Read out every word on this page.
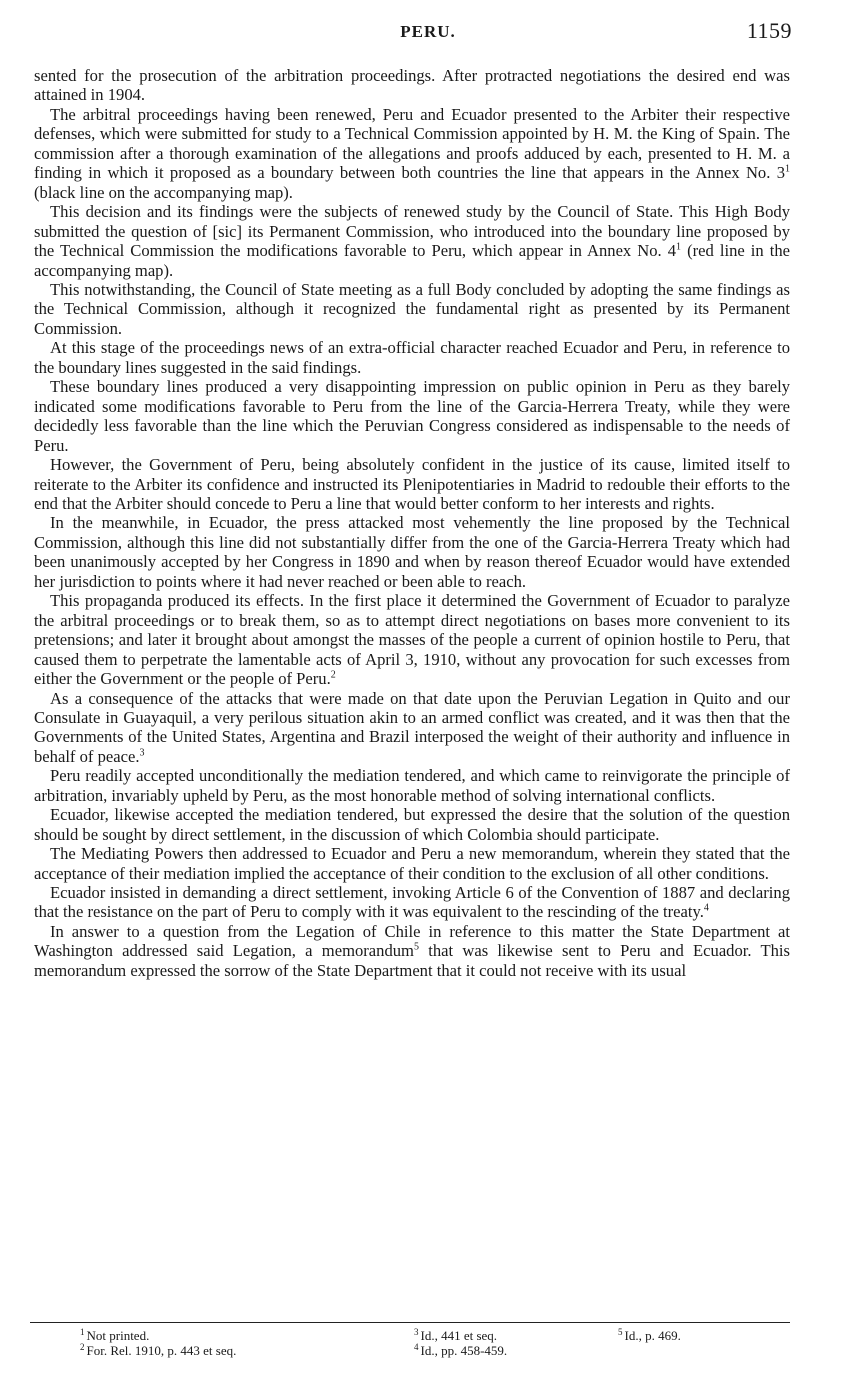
PERU.	1159

sented for the prosecution of the arbitration proceedings. After protracted negotiations the desired end was attained in 1904.

The arbitral proceedings having been renewed, Peru and Ecuador presented to the Arbiter their respective defenses, which were submitted for study to a Technical Commission appointed by H. M. the King of Spain. The commission after a thorough examination of the allegations and proofs adduced by each, presented to H. M. a finding in which it proposed as a boundary between both countries the line that appears in the Annex No. $3^1$ (black line on the accompanying map).

This decision and its findings were the subjects of renewed study by the Council of State. This High Body submitted the question of [sic] its Permanent Commission, who introduced into the boundary line proposed by the Technical Commission the modifications favorable to Peru, which appear in Annex No. $4^1$ (red line in the accompanying map).

This notwithstanding, the Council of State meeting as a full Body concluded by adopting the same findings as the Technical Commission, although it recognized the fundamental right as presented by its Permanent Commission.

At this stage of the proceedings news of an extra-official character reached Ecuador and Peru, in reference to the boundary lines suggested in the said findings.

These boundary lines produced a very disappointing impression on public opinion in Peru as they barely indicated some modifications favorable to Peru from the line of the Garcia-Herrera Treaty, while they were decidedly less favorable than the line which the Peruvian Congress considered as indispensable to the needs of Peru.

However, the Government of Peru, being absolutely confident in the justice of its cause, limited itself to reiterate to the Arbiter its confidence and instructed its Plenipotentiaries in Madrid to redouble their efforts to the end that the Arbiter should concede to Peru a line that would better conform to her interests and rights.

In the meanwhile, in Ecuador, the press attacked most vehemently the line proposed by the Technical Commission, although this line did not substantially differ from the one of the Garcia-Herrera Treaty which had been unanimously accepted by her Congress in 1890 and when by reason thereof Ecuador would have extended her jurisdiction to points where it had never reached or been able to reach.

This propaganda produced its effects. In the first place it determined the Government of Ecuador to paralyze the arbitral proceedings or to break them, so as to attempt direct negotiations on bases more convenient to its pretensions; and later it brought about amongst the masses of the people a current of opinion hostile to Peru, that caused them to perpetrate the lamentable acts of April 3, 1910, without any provocation for such excesses from either the Government or the people of Peru.$^2$

As a consequence of the attacks that were made on that date upon the Peruvian Legation in Quito and our Consulate in Guayaquil, a very perilous situation akin to an armed conflict was created, and it was then that the Governments of the United States, Argentina and Brazil interposed the weight of their authority and influence in behalf of peace.$^3$

Peru readily accepted unconditionally the mediation tendered, and which came to reinvigorate the principle of arbitration, invariably upheld by Peru, as the most honorable method of solving international conflicts.

Ecuador, likewise accepted the mediation tendered, but expressed the desire that the solution of the question should be sought by direct settlement, in the discussion of which Colombia should participate.

The Mediating Powers then addressed to Ecuador and Peru a new memorandum, wherein they stated that the acceptance of their mediation implied the acceptance of their condition to the exclusion of all other conditions.

Ecuador insisted in demanding a direct settlement, invoking Article 6 of the Convention of 1887 and declaring that the resistance on the part of Peru to comply with it was equivalent to the rescinding of the treaty.$^4$

In answer to a question from the Legation of Chile in reference to this matter the State Department at Washington addressed said Legation, a memorandum$^5$ that was likewise sent to Peru and Ecuador. This memorandum expressed the sorrow of the State Department that it could not receive with its usual

$^1$ Not printed.
$^2$ For. Rel. 1910, p. 443 et seq.
$^3$ Id., 441 et seq.
$^4$ Id., pp. 458-459.
$^5$ Id., p. 469.
